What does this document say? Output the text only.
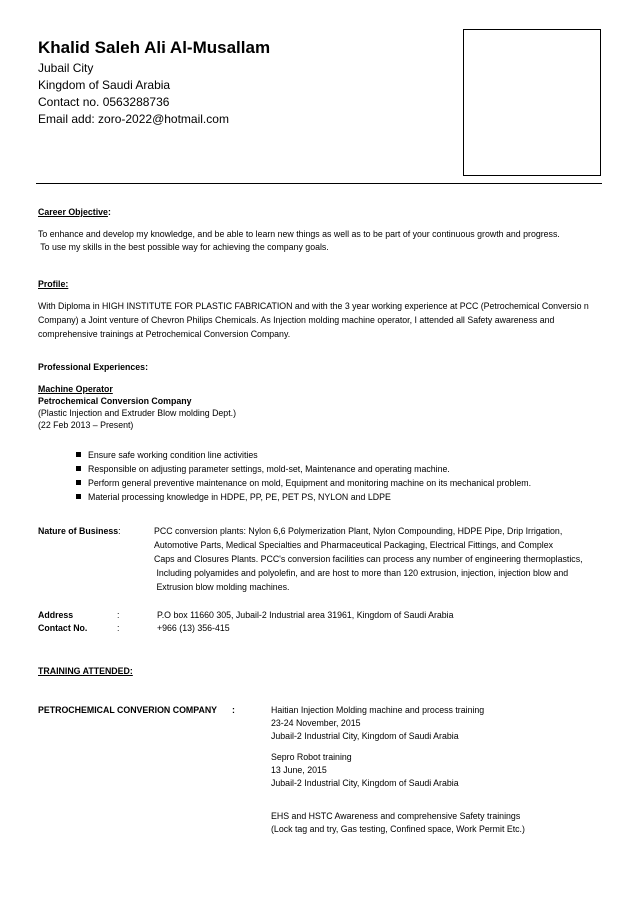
Khalid Saleh Ali Al-Musallam
Jubail City
Kingdom of Saudi Arabia
Contact no. 0563288736
Email add: zoro-2022@hotmail.com
Career Objective:
To enhance and develop my knowledge, and be able to learn new things as well as to be part of your continuous growth and progress.
To use my skills in the best possible way for achieving the company goals.
Profile:
With Diploma in HIGH INSTITUTE FOR PLASTIC FABRICATION and with the 3 year working experience at PCC (Petrochemical Conversio n
Company) a Joint venture of Chevron Philips Chemicals. As Injection molding machine operator, I attended all Safety awareness and
comprehensive trainings at Petrochemical Conversion Company.
Professional Experiences:
Machine Operator
Petrochemical Conversion Company
(Plastic Injection and Extruder Blow molding Dept.)
(22 Feb 2013 – Present)
Ensure safe working condition line activities
Responsible on adjusting parameter settings, mold-set, Maintenance and operating machine.
Perform general preventive maintenance on mold, Equipment and monitoring machine on its mechanical problem.
Material processing knowledge in HDPE, PP, PE, PET PS, NYLON and LDPE
Nature of Business:	PCC conversion plants: Nylon 6,6 Polymerization Plant, Nylon Compounding, HDPE Pipe, Drip Irrigation,
Automotive Parts, Medical Specialties and Pharmaceutical Packaging, Electrical Fittings, and Complex
Caps and Closures Plants. PCC's conversion facilities can process any number of engineering thermoplastics,
Including polyamides and polyolefin, and are host to more than 120 extrusion, injection, injection blow and
Extrusion blow molding machines.
Address	:	P.O box 11660 305, Jubail-2 Industrial area 31961, Kingdom of Saudi Arabia
Contact No.	:	+966 (13) 356-415
TRAINING ATTENDED:
PETROCHEMICAL CONVERION COMPANY :	Haitian Injection Molding machine and process training
23-24 November, 2015
Jubail-2 Industrial City, Kingdom of Saudi Arabia
Sepro Robot training
13 June, 2015
Jubail-2 Industrial City, Kingdom of Saudi Arabia
EHS and HSTC Awareness and comprehensive Safety trainings
(Lock tag and try, Gas testing, Confined space, Work Permit Etc.)
